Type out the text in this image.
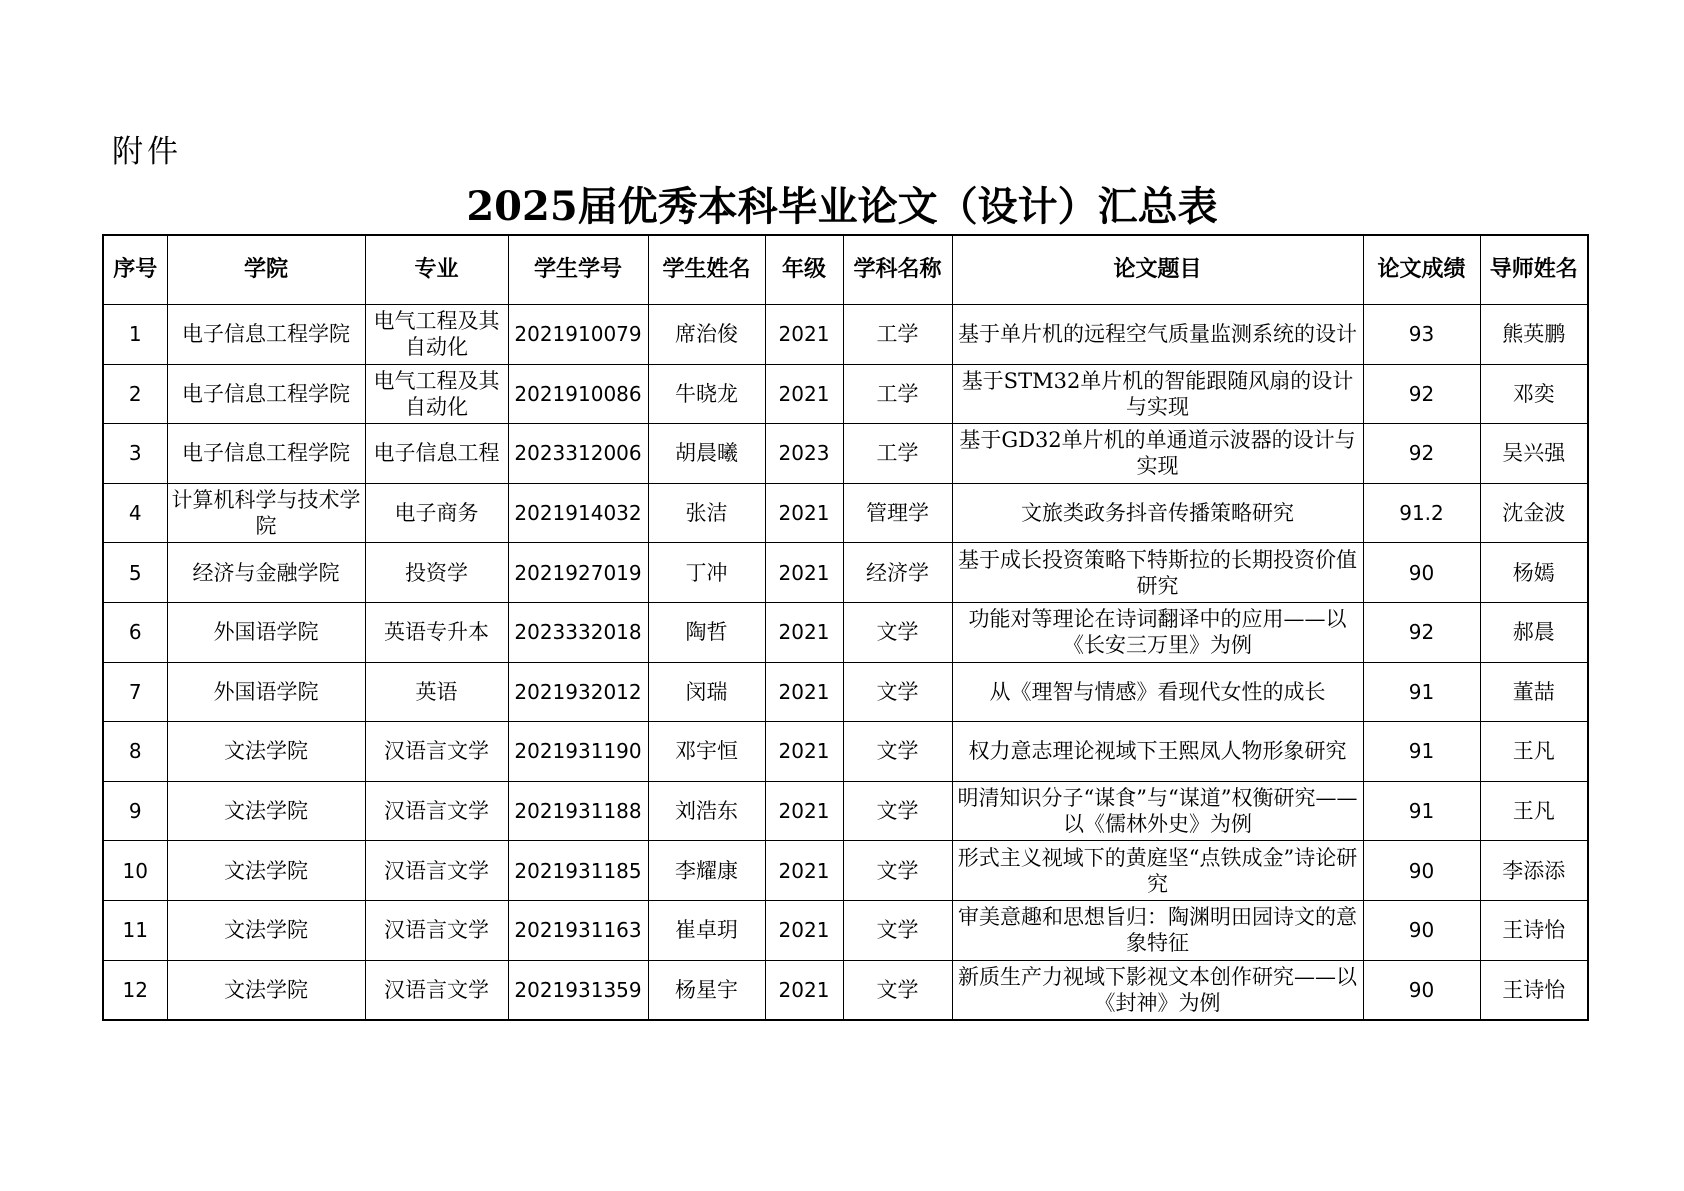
附件
2025届优秀本科毕业论文（设计）汇总表
序号	学院	专业	学生学号	学生姓名	年级	学科名称	论文题目	论文成绩	导师姓名
1	电子信息工程学院	电气工程及其自动化	2021910079	席治俊	2021	工学	基于单片机的远程空气质量监测系统的设计	93	熊英鹏
2	电子信息工程学院	电气工程及其自动化	2021910086	牛晓龙	2021	工学	基于STM32单片机的智能跟随风扇的设计与实现	92	邓奕
3	电子信息工程学院	电子信息工程	2023312006	胡晨曦	2023	工学	基于GD32单片机的单通道示波器的设计与实现	92	吴兴强
4	计算机科学与技术学院	电子商务	2021914032	张洁	2021	管理学	文旅类政务抖音传播策略研究	91.2	沈金波
5	经济与金融学院	投资学	2021927019	丁冲	2021	经济学	基于成长投资策略下特斯拉的长期投资价值研究	90	杨嫣
6	外国语学院	英语专升本	2023332018	陶哲	2021	文学	功能对等理论在诗词翻译中的应用——以《长安三万里》为例	92	郝晨
7	外国语学院	英语	2021932012	闵瑞	2021	文学	从《理智与情感》看现代女性的成长	91	董喆
8	文法学院	汉语言文学	2021931190	邓宇恒	2021	文学	权力意志理论视域下王熙凤人物形象研究	91	王凡
9	文法学院	汉语言文学	2021931188	刘浩东	2021	文学	明清知识分子“谋食”与“谋道”权衡研究——以《儒林外史》为例	91	王凡
10	文法学院	汉语言文学	2021931185	李耀康	2021	文学	形式主义视域下的黄庭坚“点铁成金”诗论研究	90	李添添
11	文法学院	汉语言文学	2021931163	崔卓玥	2021	文学	审美意趣和思想旨归：陶渊明田园诗文的意象特征	90	王诗怡
12	文法学院	汉语言文学	2021931359	杨星宇	2021	文学	新质生产力视域下影视文本创作研究——以《封神》为例	90	王诗怡
